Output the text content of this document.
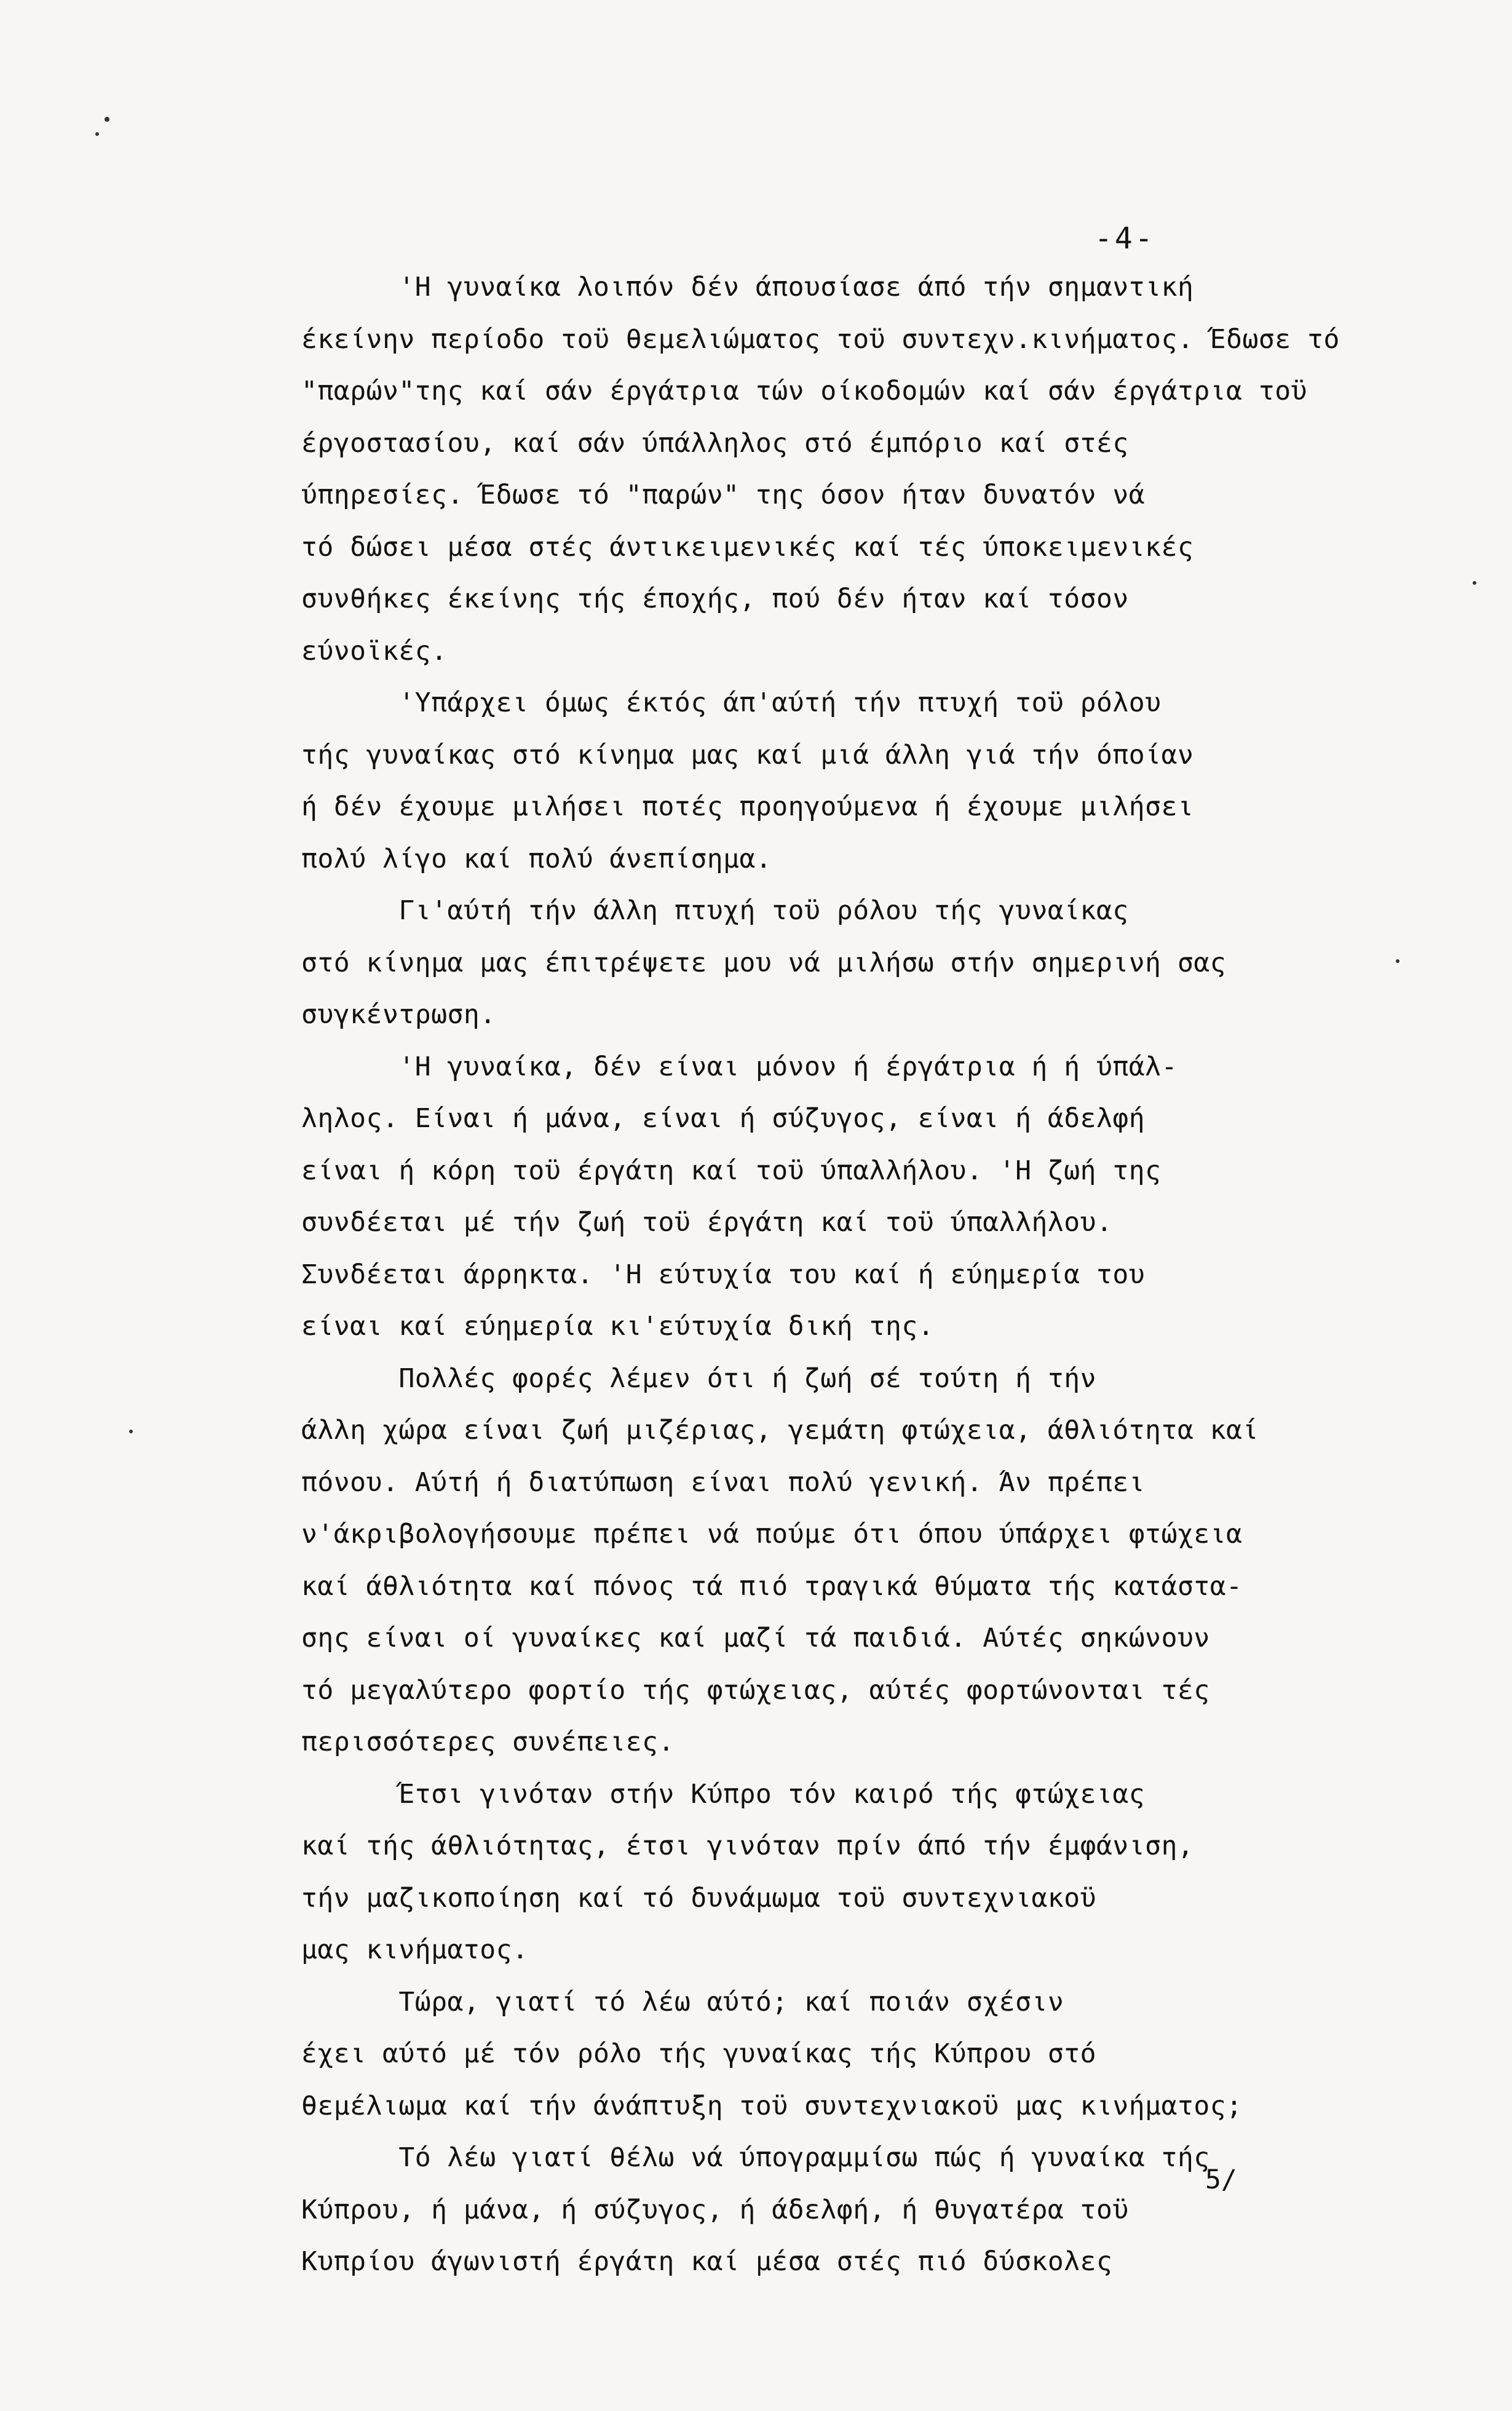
-4-
'Η γυναίκα λοιπόν δέν άπουσίασε άπό τήν σημαντική
έκείνην περίοδο τοϋ θεμελιώματος τοϋ συντεχν.κινήματος. Έδωσε τό
"παρών"της καί σάν έργάτρια τών οίκοδομών καί σάν έργάτρια τοϋ
έργοστασίου, καί σάν ύπάλληλος στό έμπόριο καί στές
ύπηρεσίες. Έδωσε τό "παρών" της όσον ήταν δυνατόν νά
τό δώσει μέσα στές άντικειμενικές καί τές ύποκειμενικές
συνθήκες έκείνης τής έποχής, πού δέν ήταν καί τόσον
εύνοϊκές.
'Υπάρχει όμως έκτός άπ'αύτή τήν πτυχή τοϋ ρόλου
τής γυναίκας στό κίνημα μας καί μιά άλλη γιά τήν όποίαν
ή δέν έχουμε μιλήσει ποτές προηγούμενα ή έχουμε μιλήσει
πολύ λίγο καί πολύ άνεπίσημα.
Γι'αύτή τήν άλλη πτυχή τοϋ ρόλου τής γυναίκας
στό κίνημα μας έπιτρέψετε μου νά μιλήσω στήν σημερινή σας
συγκέντρωση.
'Η γυναίκα, δέν είναι μόνον ή έργάτρια ή ή ύπάλ-
ληλος. Είναι ή μάνα, είναι ή σύζυγος, είναι ή άδελφή
είναι ή κόρη τοϋ έργάτη καί τοϋ ύπαλλήλου. 'Η ζωή της
συνδέεται μέ τήν ζωή τοϋ έργάτη καί τοϋ ύπαλλήλου.
Συνδέεται άρρηκτα. 'Η εύτυχία του καί ή εύημερία του
είναι καί εύημερία κι'εύτυχία δική της.
Πολλές φορές λέμεν ότι ή ζωή σέ τούτη ή τήν
άλλη χώρα είναι ζωή μιζέριας, γεμάτη φτώχεια, άθλιότητα καί
πόνου. Αύτή ή διατύπωση είναι πολύ γενική. Άν πρέπει
ν'άκριβολογήσουμε πρέπει νά πούμε ότι όπου ύπάρχει φτώχεια
καί άθλιότητα καί πόνος τά πιό τραγικά θύματα τής κατάστα-
σης είναι οί γυναίκες καί μαζί τά παιδιά. Αύτές σηκώνουν
τό μεγαλύτερο φορτίο τής φτώχειας, αύτές φορτώνονται τές
περισσότερες συνέπειες.
Έτσι γινόταν στήν Κύπρο τόν καιρό τής φτώχειας
καί τής άθλιότητας, έτσι γινόταν πρίν άπό τήν έμφάνιση,
τήν μαζικοποίηση καί τό δυνάμωμα τοϋ συντεχνιακοϋ
μας κινήματος.
Τώρα, γιατί τό λέω αύτό; καί ποιάν σχέσιν
έχει αύτό μέ τόν ρόλο τής γυναίκας τής Κύπρου στό
θεμέλιωμα καί τήν άνάπτυξη τοϋ συντεχνιακοϋ μας κινήματος;
Τό λέω γιατί θέλω νά ύπογραμμίσω πώς ή γυναίκα τής
Κύπρου, ή μάνα, ή σύζυγος, ή άδελφή, ή θυγατέρα τοϋ
Κυπρίου άγωνιστή έργάτη καί μέσα στές πιό δύσκολες
5/
